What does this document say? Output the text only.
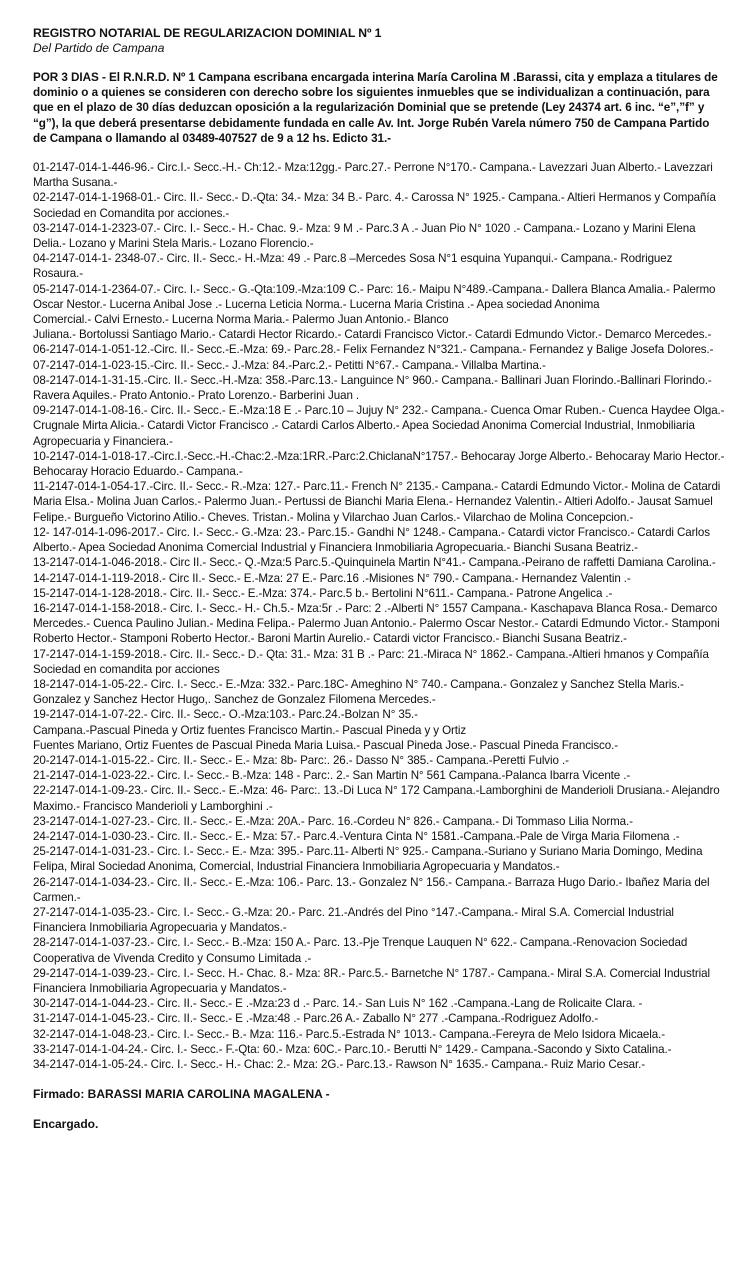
REGISTRO NOTARIAL DE REGULARIZACION DOMINIAL Nº 1

Del Partido de Campana

POR 3 DIAS - El R.N.R.D. Nº 1 Campana escribana encargada interina María Carolina M .Barassi, cita y emplaza a titulares de dominio o a quienes se consideren con derecho sobre los siguientes inmuebles que se individualizan a continuación, para que en el plazo de 30 días deduzcan oposición a la regularización Dominial que se pretende (Ley 24374 art. 6 inc. “e”,”f” y “g”), la que deberá presentarse debidamente fundada en calle Av. Int. Jorge Rubén Varela número 750 de Campana Partido de Campana o llamando al 03489-407527 de 9 a 12 hs. Edicto 31.-

01-2147-014-1-446-96.- Circ.I.- Secc.-H.- Ch:12.- Mza:12gg.- Parc.27.- Perrone N°170.- Campana.- Lavezzari Juan Alberto.- Lavezzari Martha Susana.-

02-2147-014-1-1968-01.- Circ. II.- Secc.- D.-Qta: 34.- Mza: 34 B.- Parc. 4.- Carossa N° 1925.- Campana.- Altieri Hermanos y Compañía Sociedad en Comandita por acciones.-

03-2147-014-1-2323-07.- Circ. I.- Secc.- H.- Chac. 9.- Mza: 9 M .- Parc.3 A .- Juan Pio N° 1020 .- Campana.- Lozano y Marini Elena Delia.- Lozano y Marini Stela Maris.- Lozano Florencio.-

04-2147-014-1- 2348-07.- Circ. II.- Secc.- H.-Mza: 49 .- Parc.8 –Mercedes Sosa N°1 esquina Yupanqui.- Campana.- Rodriguez Rosaura.-

05-2147-014-1-2364-07.- Circ. I.- Secc.- G.-Qta:109.-Mza:109 C.- Parc: 16.- Maipu N°489.-Campana.- Dallera Blanca Amalia.- Palermo Oscar Nestor.- Lucerna Anibal Jose .- Lucerna Leticia Norma.- Lucerna Maria Cristina .- Apea sociedad Anonima

Comercial.- Calvi Ernesto.- Lucerna Norma Maria.- Palermo Juan Antonio.- Blanco

Juliana.- Bortolussi Santiago Mario.- Catardi Hector Ricardo.- Catardi Francisco Victor.- Catardi Edmundo Victor.- Demarco Mercedes.-

06-2147-014-1-051-12.-Circ. II.- Secc.-E.-Mza: 69.- Parc.28.- Felix Fernandez N°321.- Campana.- Fernandez y Balige Josefa Dolores.-

07-2147-014-1-023-15.-Circ. II.- Secc.- J.-Mza: 84.-Parc.2.- Petitti N°67.- Campana.- Villalba Martina.-

08-2147-014-1-31-15.-Circ. II.- Secc.-H.-Mza: 358.-Parc.13.- Languince N° 960.- Campana.- Ballinari Juan Florindo.-Ballinari Florindo.- Ravera Aquiles.- Prato Antonio.- Prato Lorenzo.- Barberini Juan .

09-2147-014-1-08-16.- Circ. II.- Secc.- E.-Mza:18 E .- Parc.10 – Jujuy N° 232.- Campana.- Cuenca Omar Ruben.- Cuenca Haydee Olga.- Crugnale Mirta Alicia.- Catardi Victor Francisco .- Catardi Carlos Alberto.- Apea Sociedad Anonima Comercial Industrial, Inmobiliaria Agropecuaria y Financiera.-

10-2147-014-1-018-17.-Circ.I.-Secc.-H.-Chac:2.-Mza:1RR.-Parc:2.ChiclanaN°1757.- Behocaray Jorge Alberto.- Behocaray Mario Hector.- Behocaray Horacio Eduardo.- Campana.-

11-2147-014-1-054-17.-Circ. II.- Secc.- R.-Mza: 127.- Parc.11.- French N° 2135.- Campana.- Catardi Edmundo Victor.- Molina de Catardi Maria Elsa.- Molina Juan Carlos.- Palermo Juan.- Pertussi de Bianchi Maria Elena.- Hernandez Valentin.- Altieri Adolfo.- Jausat Samuel Felipe.- Burgueño Victorino Atilio.- Cheves. Tristan.- Molina y Vilarchao Juan Carlos.- Vilarchao de Molina Concepcion.-

12- 147-014-1-096-2017.- Circ. I.- Secc.- G.-Mza: 23.- Parc.15.- Gandhi N° 1248.- Campana.- Catardi victor Francisco.- Catardi Carlos Alberto.- Apea Sociedad Anonima Comercial Industrial y Financiera Inmobiliaria Agropecuaria.- Bianchi Susana Beatriz.-

13-2147-014-1-046-2018.- Circ II.- Secc.- Q.-Mza:5 Parc.5.-Quinquinela Martin N°41.- Campana.-Peirano de raffetti Damiana Carolina.-

14-2147-014-1-119-2018.- Circ II.- Secc.- E.-Mza: 27 E.- Parc.16 .-Misiones N° 790.- Campana.- Hernandez Valentin .-

15-2147-014-1-128-2018.- Circ. II.- Secc.- E.-Mza: 374.- Parc.5 b.- Bertolini N°611.- Campana.- Patrone Angelica .-

16-2147-014-1-158-2018.- Circ. I.- Secc.- H.- Ch.5.- Mza:5r .- Parc: 2 .-Alberti N° 1557 Campana.- Kaschapava Blanca Rosa.- Demarco Mercedes.- Cuenca Paulino Julian.- Medina Felipa.- Palermo Juan Antonio.- Palermo Oscar Nestor.- Catardi Edmundo Victor.- Stamponi Roberto Hector.- Stamponi Roberto Hector.- Baroni Martin Aurelio.- Catardi victor Francisco.- Bianchi Susana Beatriz.-

17-2147-014-1-159-2018.- Circ. II.- Secc.- D.- Qta: 31.- Mza: 31 B .- Parc: 21.-Miraca N° 1862.- Campana.-Altieri hmanos y Compañía Sociedad en comandita por acciones

18-2147-014-1-05-22.- Circ. I.- Secc.- E.-Mza: 332.- Parc.18C- Ameghino N° 740.- Campana.- Gonzalez y Sanchez Stella Maris.- Gonzalez y Sanchez Hector Hugo,. Sanchez de Gonzalez Filomena Mercedes.-

19-2147-014-1-07-22.- Circ. II.- Secc.- O.-Mza:103.- Parc.24.-Bolzan N° 35.-

Campana.-Pascual Pineda y Ortiz fuentes Francisco Martin.- Pascual Pineda y y Ortiz

Fuentes Mariano, Ortiz Fuentes de Pascual Pineda Maria Luisa.- Pascual Pineda Jose.- Pascual Pineda Francisco.-

20-2147-014-1-015-22.- Circ. II.- Secc.- E.- Mza: 8b- Parc:. 26.- Dasso N° 385.- Campana.-Peretti Fulvio .-

21-2147-014-1-023-22.- Circ. I.- Secc.- B.-Mza: 148 - Parc:. 2.- San Martin N° 561 Campana.-Palanca Ibarra Vicente .-

22-2147-014-1-09-23.- Circ. II.- Secc.- E.-Mza: 46- Parc:. 13.-Di Luca N° 172 Campana.-Lamborghini de Manderioli Drusiana.- Alejandro Maximo.- Francisco Manderioli y Lamborghini .-

23-2147-014-1-027-23.- Circ. II.- Secc.- E.-Mza: 20A.- Parc. 16.-Cordeu N° 826.- Campana.- Di Tommaso Lilia Norma.-

24-2147-014-1-030-23.- Circ. II.- Secc.- E.- Mza: 57.- Parc.4.-Ventura Cinta N° 1581.-Campana.-Pale de Virga Maria Filomena .-

25-2147-014-1-031-23.- Circ. I.- Secc.- E.- Mza: 395.- Parc.11- Alberti N° 925.- Campana.-Suriano y Suriano Maria Domingo, Medina Felipa, Miral Sociedad Anonima, Comercial, Industrial Financiera Inmobiliaria Agropecuaria y Mandatos.-

26-2147-014-1-034-23.- Circ. II.- Secc.- E.-Mza: 106.- Parc. 13.- Gonzalez N° 156.- Campana.- Barraza Hugo Dario.- Ibañez Maria del Carmen.-

27-2147-014-1-035-23.- Circ. I.- Secc.- G.-Mza: 20.- Parc. 21.-Andrés del Pino °147.-Campana.- Miral S.A. Comercial Industrial Financiera Inmobiliaria Agropecuaria y Mandatos.-

28-2147-014-1-037-23.- Circ. I.- Secc.- B.-Mza: 150 A.- Parc. 13.-Pje Trenque Lauquen N° 622.- Campana.-Renovacion Sociedad Cooperativa de Vivenda Credito y Consumo Limitada .-

29-2147-014-1-039-23.- Circ. I.- Secc. H.- Chac. 8.- Mza: 8R.- Parc.5.- Barnetche N° 1787.- Campana.- Miral S.A. Comercial Industrial Financiera Inmobiliaria Agropecuaria y Mandatos.-

30-2147-014-1-044-23.- Circ. II.- Secc.- E .-Mza:23 d .- Parc. 14.- San Luis N° 162 .-Campana.-Lang de Rolicaite Clara. -

31-2147-014-1-045-23.- Circ. II.- Secc.- E .-Mza:48 .- Parc.26 A.- Zaballo N° 277 .-Campana.-Rodriguez Adolfo.-

32-2147-014-1-048-23.- Circ. I.- Secc.- B.- Mza: 116.- Parc.5.-Estrada N° 1013.- Campana.-Fereyra de Melo Isidora Micaela.-

33-2147-014-1-04-24.- Circ. I.- Secc.- F.-Qta: 60.- Mza: 60C.- Parc.10.- Berutti N° 1429.- Campana.-Sacondo y Sixto Catalina.-

34-2147-014-1-05-24.- Circ. I.- Secc.- H.- Chac: 2.- Mza: 2G.- Parc.13.- Rawson N° 1635.- Campana.- Ruiz Mario Cesar.-

Firmado: BARASSI MARIA CAROLINA MAGALENA -

Encargado.
